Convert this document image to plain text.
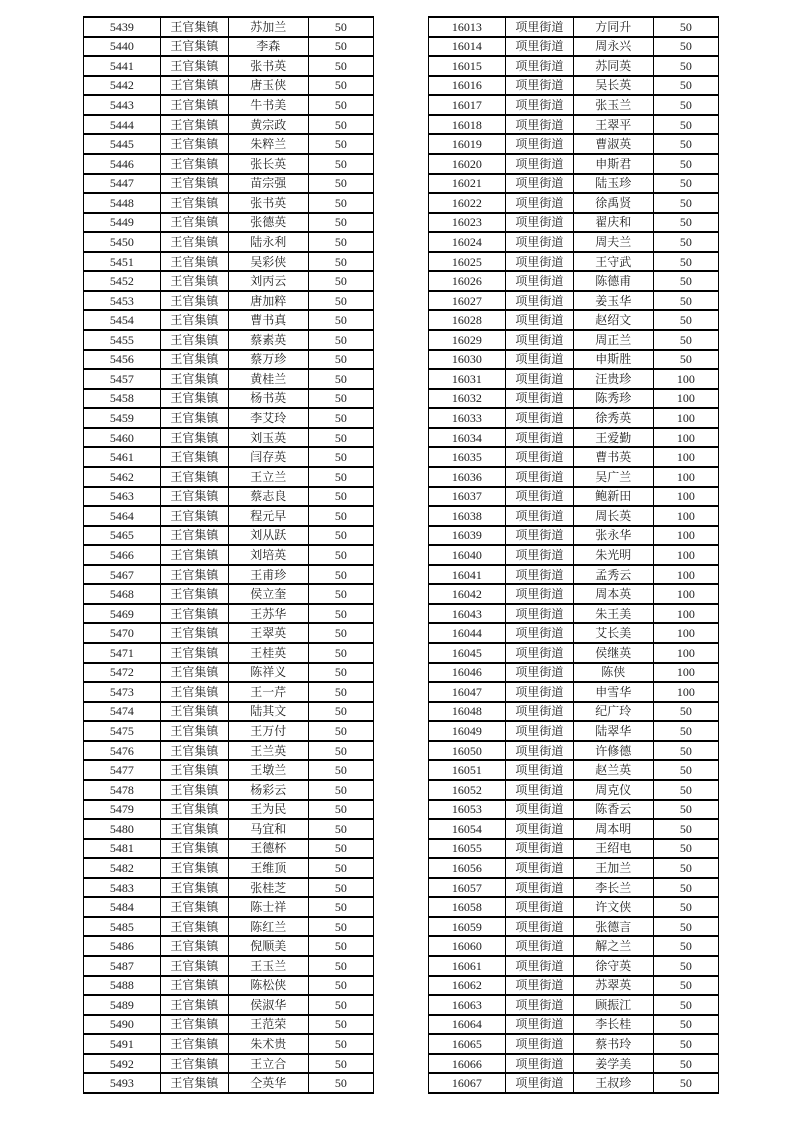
5439	王官集镇	苏加兰	50
5440	王官集镇	李森	50
5441	王官集镇	张书英	50
5442	王官集镇	唐玉侠	50
5443	王官集镇	牛书美	50
5444	王官集镇	黄宗政	50
5445	王官集镇	朱粹兰	50
5446	王官集镇	张长英	50
5447	王官集镇	苗宗强	50
5448	王官集镇	张书英	50
5449	王官集镇	张德英	50
5450	王官集镇	陆永利	50
5451	王官集镇	吴彩侠	50
5452	王官集镇	刘丙云	50
5453	王官集镇	唐加粹	50
5454	王官集镇	曹书真	50
5455	王官集镇	蔡素英	50
5456	王官集镇	蔡万珍	50
5457	王官集镇	黄桂兰	50
5458	王官集镇	杨书英	50
5459	王官集镇	李艾玲	50
5460	王官集镇	刘玉英	50
5461	王官集镇	闫存英	50
5462	王官集镇	王立兰	50
5463	王官集镇	蔡志良	50
5464	王官集镇	程元早	50
5465	王官集镇	刘从跃	50
5466	王官集镇	刘培英	50
5467	王官集镇	王甫珍	50
5468	王官集镇	侯立奎	50
5469	王官集镇	王苏华	50
5470	王官集镇	王翠英	50
5471	王官集镇	王桂英	50
5472	王官集镇	陈祥义	50
5473	王官集镇	王一芹	50
5474	王官集镇	陆其文	50
5475	王官集镇	王万付	50
5476	王官集镇	王兰英	50
5477	王官集镇	王墩兰	50
5478	王官集镇	杨彩云	50
5479	王官集镇	王为民	50
5480	王官集镇	马宜和	50
5481	王官集镇	王德杯	50
5482	王官集镇	王维顶	50
5483	王官集镇	张桂芝	50
5484	王官集镇	陈士祥	50
5485	王官集镇	陈红兰	50
5486	王官集镇	倪顺美	50
5487	王官集镇	王玉兰	50
5488	王官集镇	陈松侠	50
5489	王官集镇	侯淑华	50
5490	王官集镇	王范荣	50
5491	王官集镇	朱术贵	50
5492	王官集镇	王立合	50
5493	王官集镇	仝英华	50
16013	项里街道	方同升	50
16014	项里街道	周永兴	50
16015	项里街道	苏同英	50
16016	项里街道	吴长英	50
16017	项里街道	张玉兰	50
16018	项里街道	王翠平	50
16019	项里街道	曹淑英	50
16020	项里街道	申斯君	50
16021	项里街道	陆玉珍	50
16022	项里街道	徐禹贤	50
16023	项里街道	翟庆和	50
16024	项里街道	周夫兰	50
16025	项里街道	王守武	50
16026	项里街道	陈德甫	50
16027	项里街道	姜玉华	50
16028	项里街道	赵绍文	50
16029	项里街道	周正兰	50
16030	项里街道	申斯胜	50
16031	项里街道	汪贵珍	100
16032	项里街道	陈秀珍	100
16033	项里街道	徐秀英	100
16034	项里街道	王爱勤	100
16035	项里街道	曹书英	100
16036	项里街道	吴广兰	100
16037	项里街道	鲍新田	100
16038	项里街道	周长英	100
16039	项里街道	张永华	100
16040	项里街道	朱光明	100
16041	项里街道	孟秀云	100
16042	项里街道	周本英	100
16043	项里街道	朱王美	100
16044	项里街道	艾长美	100
16045	项里街道	侯继英	100
16046	项里街道	陈侠	100
16047	项里街道	申雪华	100
16048	项里街道	纪广玲	50
16049	项里街道	陆翠华	50
16050	项里街道	许修德	50
16051	项里街道	赵兰英	50
16052	项里街道	周克仪	50
16053	项里街道	陈香云	50
16054	项里街道	周本明	50
16055	项里街道	王绍电	50
16056	项里街道	王加兰	50
16057	项里街道	李长兰	50
16058	项里街道	许文侠	50
16059	项里街道	张德言	50
16060	项里街道	解之兰	50
16061	项里街道	徐守英	50
16062	项里街道	苏翠英	50
16063	项里街道	顾振江	50
16064	项里街道	李长桂	50
16065	项里街道	蔡书玲	50
16066	项里街道	姜学美	50
16067	项里街道	王叔珍	50
